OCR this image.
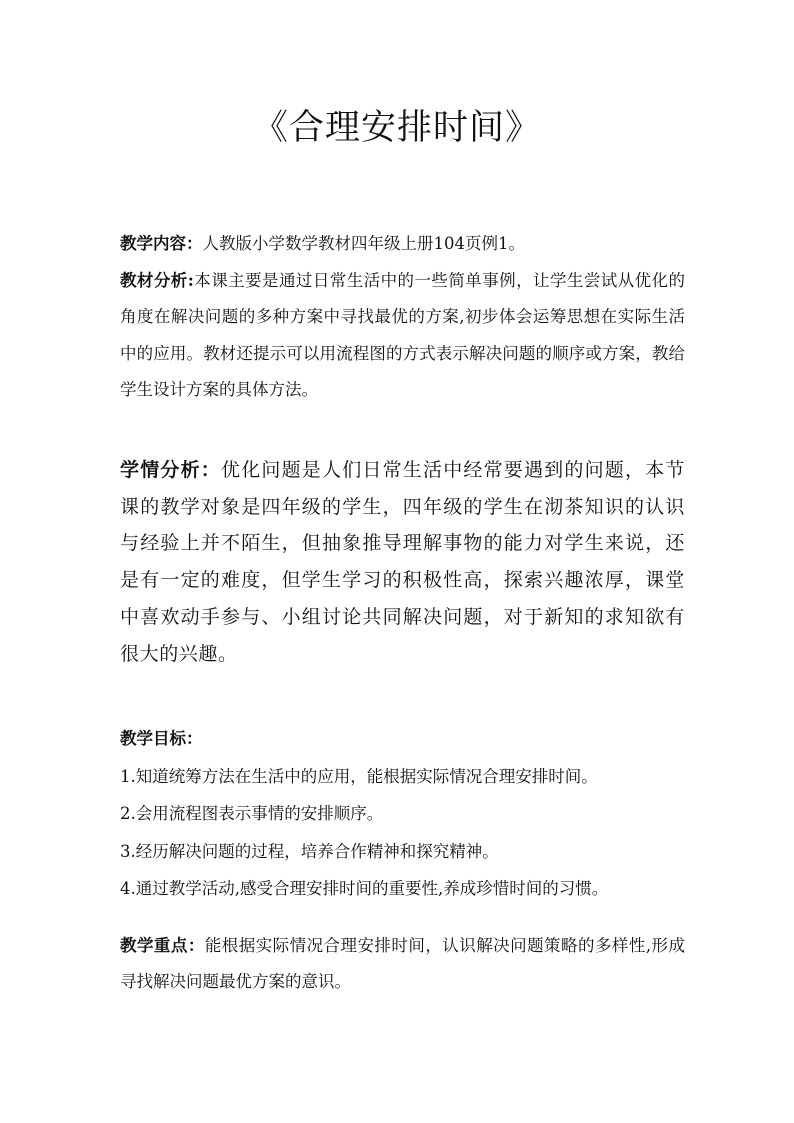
《合理安排时间》

教学内容：人教版小学数学教材四年级上册104页例1。

教材分析:本课主要是通过日常生活中的一些简单事例，让学生尝试从优化的角度在解决问题的多种方案中寻找最优的方案,初步体会运筹思想在实际生活中的应用。教材还提示可以用流程图的方式表示解决问题的顺序或方案，教给学生设计方案的具体方法。

学情分析：优化问题是人们日常生活中经常要遇到的问题，本节课的教学对象是四年级的学生，四年级的学生在沏茶知识的认识与经验上并不陌生，但抽象推导理解事物的能力对学生来说，还是有一定的难度，但学生学习的积极性高，探索兴趣浓厚，课堂中喜欢动手参与、小组讨论共同解决问题，对于新知的求知欲有很大的兴趣。

教学目标：

1.知道统筹方法在生活中的应用，能根据实际情况合理安排时间。

2.会用流程图表示事情的安排顺序。

3.经历解决问题的过程，培养合作精神和探究精神。

4.通过教学活动,感受合理安排时间的重要性,养成珍惜时间的习惯。

教学重点：能根据实际情况合理安排时间，认识解决问题策略的多样性,形成寻找解决问题最优方案的意识。
